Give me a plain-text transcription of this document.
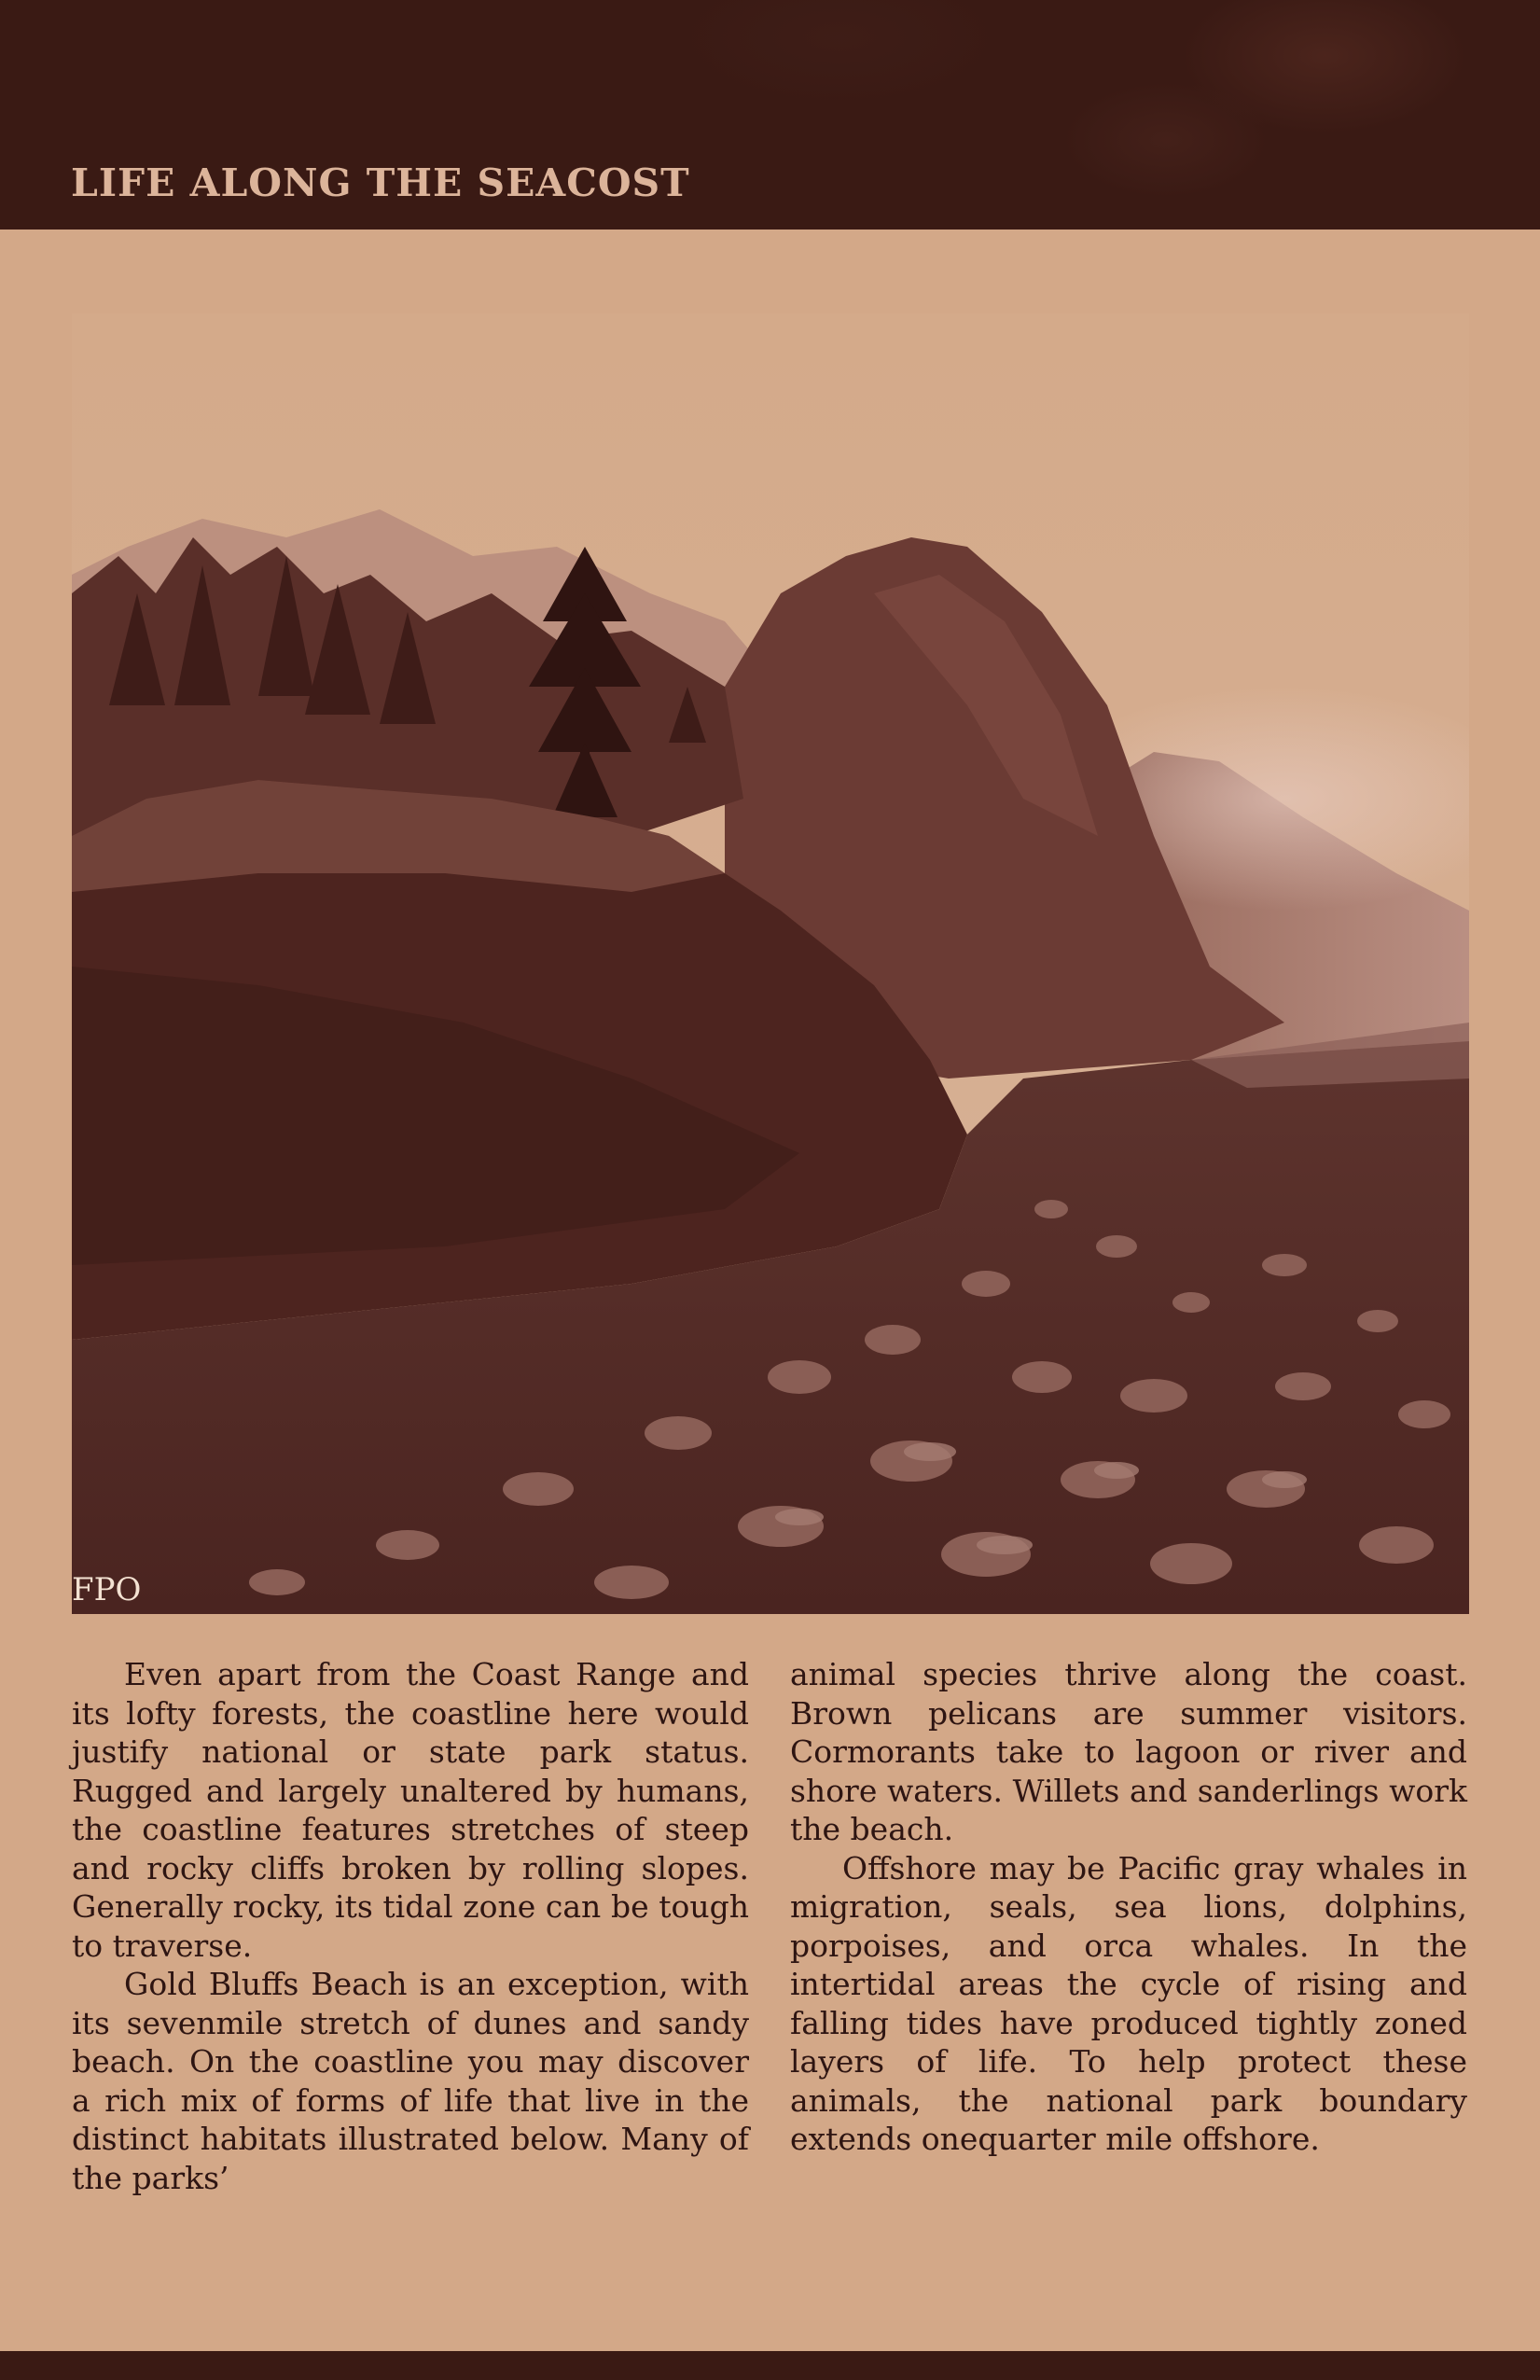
LIFE ALONG THE SEACOST
FPO

Even apart from the Coast Range and its lofty forests, the coastline here would justify national or state park status. Rugged and largely unaltered by humans, the coastline features stretches of steep and rocky cliffs broken by rolling slopes. Generally rocky, its tidal zone can be tough to traverse.

Gold Bluffs Beach is an exception, with its sevenmile stretch of dunes and sandy beach. On the coastline you may discover a rich mix of forms of life that live in the distinct habitats illustrated below. Many of the parks’

animal species thrive along the coast. Brown pelicans are summer visitors. Cormorants take to lagoon or river and shore waters. Willets and sanderlings work the beach.

Offshore may be Pacific gray whales in migration, seals, sea lions, dolphins, porpoises, and orca whales. In the intertidal areas the cycle of rising and falling tides have produced tightly zoned layers of life. To help protect these animals, the national park boundary extends onequarter mile offshore.
